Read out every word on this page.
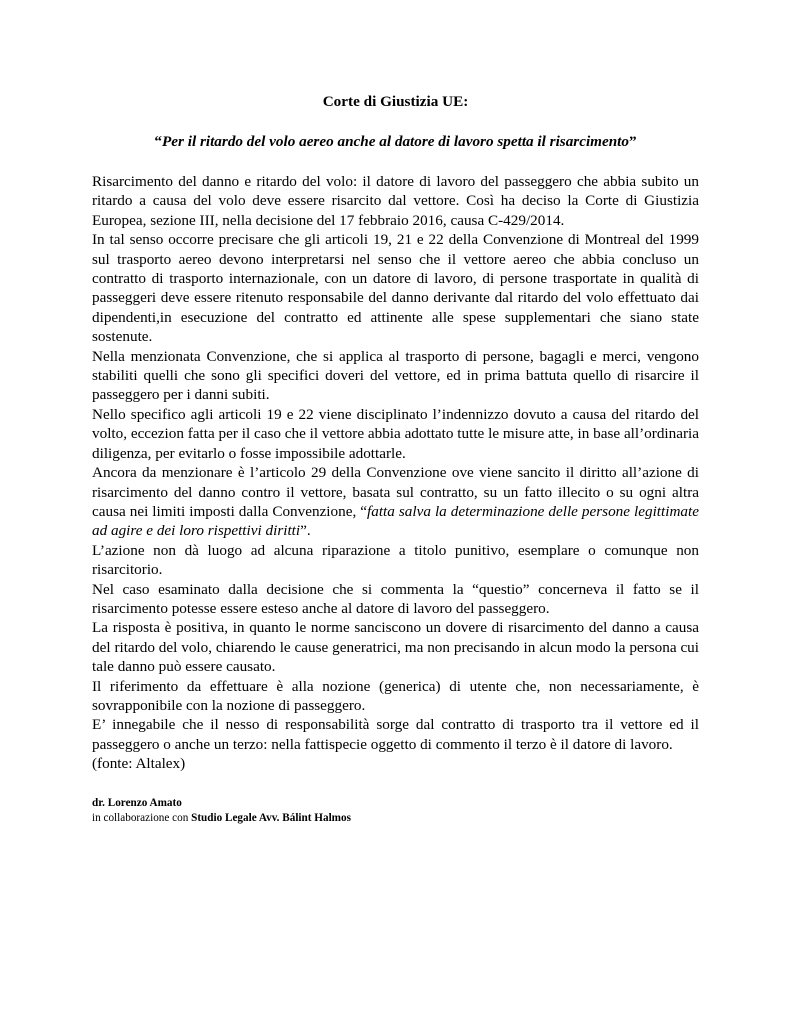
Corte di Giustizia UE:
“Per il ritardo del volo aereo anche al datore di lavoro spetta il risarcimento”

Risarcimento del danno e ritardo del volo: il datore di lavoro del passeggero che abbia subito un ritardo a causa del volo deve essere risarcito dal vettore. Così ha deciso la Corte di Giustizia Europea, sezione III, nella decisione del 17 febbraio 2016, causa C-429/2014.

In tal senso occorre precisare che gli articoli 19, 21 e 22 della Convenzione di Montreal del 1999 sul trasporto aereo devono interpretarsi nel senso che il vettore aereo che abbia concluso un contratto di trasporto internazionale, con un datore di lavoro, di persone trasportate in qualità di passeggeri deve essere ritenuto responsabile del danno derivante dal ritardo del volo effettuato dai dipendenti,in esecuzione del contratto ed attinente alle spese supplementari che siano state sostenute.

Nella menzionata Convenzione, che si applica al trasporto di persone, bagagli e merci, vengono stabiliti quelli che sono gli specifici doveri del vettore, ed in prima battuta quello di risarcire il passeggero per i danni subiti.

Nello specifico agli articoli 19 e 22 viene disciplinato l’indennizzo dovuto a causa del ritardo del volto, eccezion fatta per il caso che il vettore abbia adottato tutte le misure atte, in base all’ordinaria diligenza, per evitarlo o fosse impossibile adottarle.

Ancora da menzionare è l’articolo 29 della Convenzione ove viene sancito il diritto all’azione di risarcimento del danno contro il vettore, basata sul contratto, su un fatto illecito o su ogni altra causa nei limiti imposti dalla Convenzione, “fatta salva la determinazione delle persone legittimate ad agire e dei loro rispettivi diritti”.

L’azione non dà luogo ad alcuna riparazione a titolo punitivo, esemplare o comunque non risarcitorio.

Nel caso esaminato dalla decisione che si commenta la “questio” concerneva il fatto se il risarcimento potesse essere esteso anche al datore di lavoro del passeggero.

La risposta è positiva, in quanto le norme sanciscono un dovere di risarcimento del danno a causa del ritardo del volo, chiarendo le cause generatrici, ma non precisando in alcun modo la persona cui tale danno può essere causato.

Il riferimento da effettuare è alla nozione (generica) di utente che, non necessariamente, è sovrapponibile con la nozione di passeggero.

E’ innegabile che il nesso di responsabilità sorge dal contratto di trasporto tra il vettore ed il passeggero o anche un terzo: nella fattispecie oggetto di commento il terzo è il datore di lavoro.

(fonte: Altalex)

dr. Lorenzo Amato
in collaborazione con Studio Legale Avv. Bálint Halmos
